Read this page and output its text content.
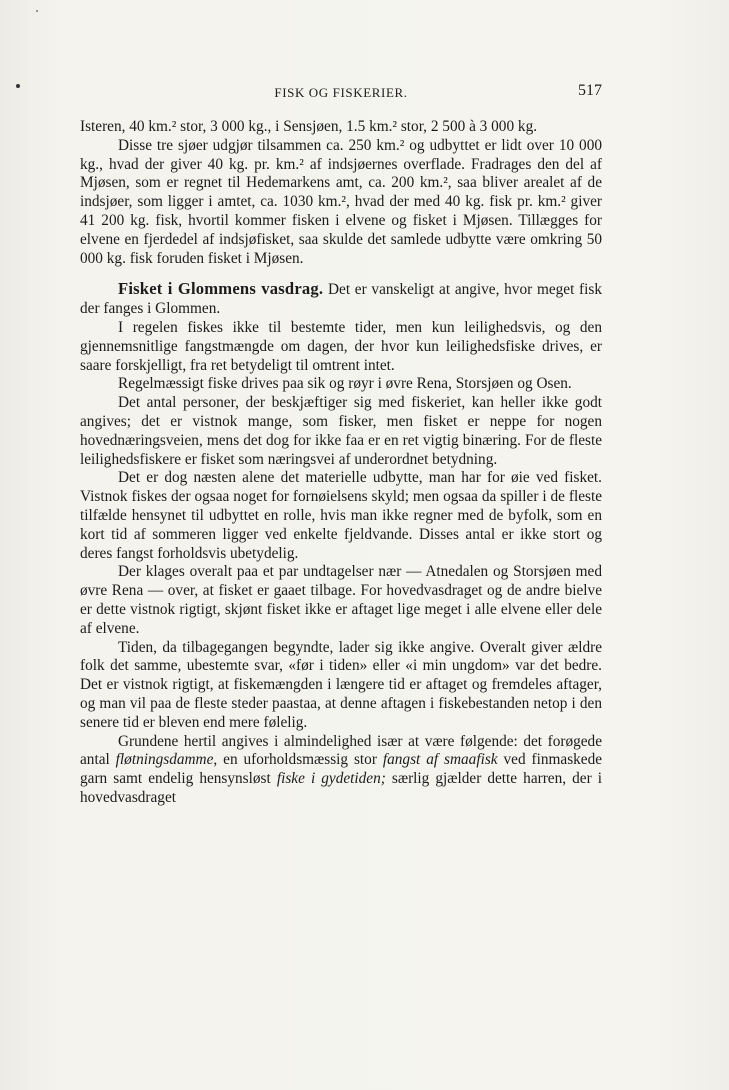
FISK OG FISKERIER.	517

Isteren, 40 km.² stor, 3 000 kg., i Sensjøen, 1.5 km.² stor, 2 500 à 3 000 kg.

Disse tre sjøer udgjør tilsammen ca. 250 km.² og udbyttet er lidt over 10 000 kg., hvad der giver 40 kg. pr. km.² af indsjøernes overflade. Fradrages den del af Mjøsen, som er regnet til Hedemarkens amt, ca. 200 km.², saa bliver arealet af de indsjøer, som ligger i amtet, ca. 1030 km.², hvad der med 40 kg. fisk pr. km.² giver 41 200 kg. fisk, hvortil kommer fisken i elvene og fisket i Mjøsen. Tillægges for elvene en fjerdedel af indsjøfisket, saa skulde det samlede udbytte være omkring 50 000 kg. fisk foruden fisket i Mjøsen.

Fisket i Glommens vasdrag. Det er vanskeligt at angive, hvor meget fisk der fanges i Glommen.

I regelen fiskes ikke til bestemte tider, men kun leilighedsvis, og den gjennemsnitlige fangstmængde om dagen, der hvor kun leilighedsfiske drives, er saare forskjelligt, fra ret betydeligt til omtrent intet.

Regelmæssigt fiske drives paa sik og røyr i øvre Rena, Storsjøen og Osen.

Det antal personer, der beskjæftiger sig med fiskeriet, kan heller ikke godt angives; det er vistnok mange, som fisker, men fisket er neppe for nogen hovednæringsveien, mens det dog for ikke faa er en ret vigtig binæring. For de fleste leilighedsfiskere er fisket som næringsvei af underordnet betydning.

Det er dog næsten alene det materielle udbytte, man har for øie ved fisket. Vistnok fiskes der ogsaa noget for fornøielsens skyld; men ogsaa da spiller i de fleste tilfælde hensynet til udbyttet en rolle, hvis man ikke regner med de byfolk, som en kort tid af sommeren ligger ved enkelte fjeldvande. Disses antal er ikke stort og deres fangst forholdsvis ubetydelig.

Der klages overalt paa et par undtagelser nær — Atnedalen og Storsjøen med øvre Rena — over, at fisket er gaaet tilbage. For hovedvasdraget og de andre bielve er dette vistnok rigtigt, skjønt fisket ikke er aftaget lige meget i alle elvene eller dele af elvene.

Tiden, da tilbagegangen begyndte, lader sig ikke angive. Overalt giver ældre folk det samme, ubestemte svar, «før i tiden» eller «i min ungdom» var det bedre. Det er vistnok rigtigt, at fiskemængden i længere tid er aftaget og fremdeles aftager, og man vil paa de fleste steder paastaa, at denne aftagen i fiskebestanden netop i den senere tid er bleven end mere følelig.

Grundene hertil angives i almindelighed især at være følgende: det forøgede antal fløtningsdamme, en uforholdsmæssig stor fangst af smaafisk ved finmaskede garn samt endelig hensynsløst fiske i gydetiden; særlig gjælder dette harren, der i hovedvasdraget
